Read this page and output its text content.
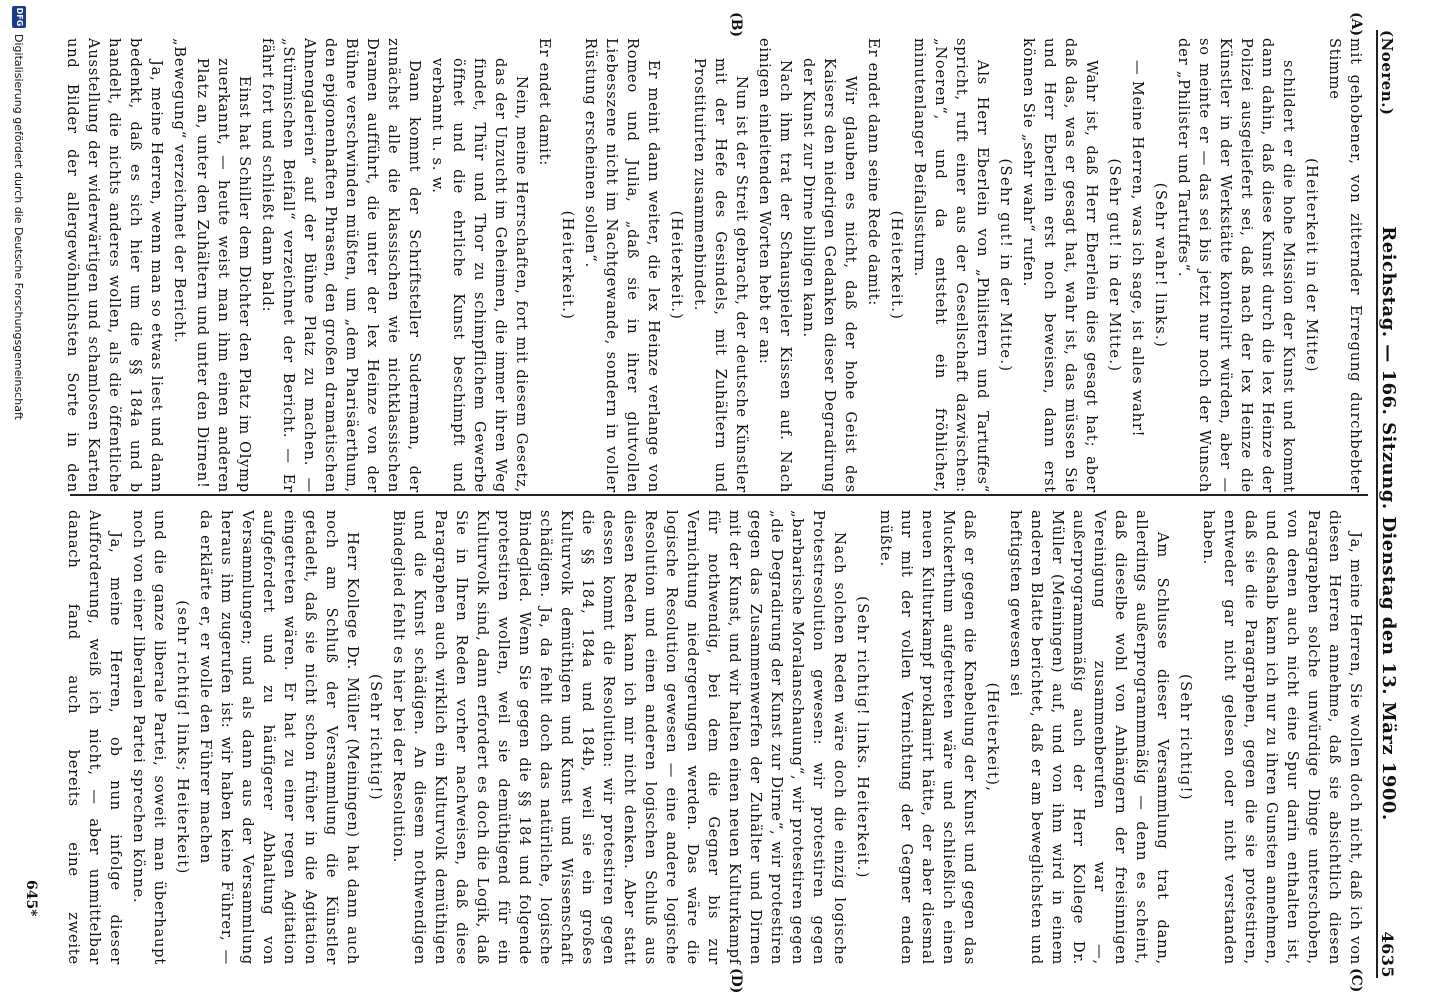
(Noeren.)
Reichstag. — 166. Sitzung. Dienstag den 13. März 1900.
4635
(A)
(B)
(C)
(D)

mit gehobener, von zitternder Erregung durchbebter Stimme

(Heiterkeit in der Mitte)

schildert er die hohe Mission der Kunst und kommt dann dahin, daß diese Kunst durch die lex Heinze der Polizei ausgeliefert sei, daß nach der lex Heinze die Künstler in der Werkstätte kontrolirt würden, aber — so meinte er — das sei bis jetzt nur noch der Wunsch der „Philister und Tartuffes“.

(Sehr wahr! links.)

— Meine Herren, was ich sage, ist alles wahr!

(Sehr gut! in der Mitte.)

Wahr ist, daß Herr Eberlein dies gesagt hat; aber daß das, was er gesagt hat, wahr ist, das müssen Sie und Herr Eberlein erst noch beweisen, dann erst können Sie „sehr wahr“ rufen.

(Sehr gut! in der Mitte.)

Als Herr Eberlein von „Philistern und Tartuffes“ spricht, ruft einer aus der Gesellschaft dazwischen: „Noeren“, und da entsteht ein fröhlicher, minutenlanger Beifallssturm.

(Heiterkeit.)

Er endet dann seine Rede damit:

Wir glauben es nicht, daß der hohe Geist des Kaisers den niedrigen Gedanken dieser Degradirung der Kunst zur Dirne billigen kann.

Nach ihm trat der Schauspieler Kissen auf. Nach einigen einleitenden Worten hebt er an:

Nun ist der Streit gebracht, der deutsche Künstler mit der Hefe des Gesindels, mit Zuhältern und Prostituirten zusammenbindet.

(Heiterkeit.)

Er meint dann weiter, die lex Heinze verlange von Romeo und Julia, „daß sie in ihrer glutvollen Liebesszene nicht im Nachtgewande, sondern in voller Rüstung erscheinen sollen“.

(Heiterkeit.)

Er endet damit:

Nein, meine Herrschaften, fort mit diesem Gesetz, das der Unzucht im Geheimen, die immer ihren Weg findet, Thür und Thor zu schimpflichem Gewerbe öffnet und die ehrliche Kunst beschimpft und verbannt u. s. w.

Dann kommt der Schriftsteller Sudermann, der zunächst alle die klassischen wie nichtklassischen Dramen aufführt, die unter der lex Heinze von der Bühne verschwinden müßten, um „dem Pharisäerthum, den epigonenhaften Phrasen, den großen dramatischen Ahnengalerien“ auf der Bühne Platz zu machen. — „Stürmischen Beifall“ verzeichnet der Bericht. — Er fährt fort und schließt dann bald:

Einst hat Schiller dem Dichter den Platz im Olymp zuerkannt, — heute weist man ihm einen anderen Platz an, unter den Zuhältern und unter den Dirnen!

„Bewegung“ verzeichnet der Bericht.

Ja, meine Herren, wenn man so etwas liest und dann bedenkt, daß es sich hier um die §§ 184a und b handelt, die nichts anderes wollen, als die öffentliche Ausstellung der widerwärtigen und schamlosen Karten und Bilder der allergewöhnlichsten Sorte in den

Ja, meine Herren, Sie wollen doch nicht, daß ich von diesen Herren annehme, daß sie absichtlich diesen Paragraphen solche unwürdige Dinge unterschoben, von denen auch nicht eine Spur darin enthalten ist, und deshalb kann ich nur zu ihren Gunsten annehmen, daß sie die Paragraphen, gegen die sie protestiren, entweder gar nicht gelesen oder nicht verstanden haben.

(Sehr richtig!)

Am Schlusse dieser Versammlung trat dann, allerdings außerprogrammmäßig — denn es scheint, daß dieselbe wohl von Anhängern der freisinnigen Vereinigung zusammenberufen war —, außerprogrammmäßig auch der Herr Kollege Dr. Müller (Meiningen) auf, und von ihm wird in einem anderen Blatte berichtet, daß er am beweglichsten und heftigsten gewesen sei

(Heiterkeit),

daß er gegen die Knebelung der Kunst und gegen das Muckerthum aufgetreten wäre und schließlich einen neuen Kulturkampf proklamirt hätte, der aber diesmal nur mit der vollen Vernichtung der Gegner enden müßte.

(Sehr richtig! links. Heiterkeit.)

Nach solchen Reden wäre doch die einzig logische Protestresolution gewesen: wir protestiren gegen „barbarische Moralanschauung“, wir protestiren gegen „die Degradirung der Kunst zur Dirne“, wir protestiren gegen das Zusammenwerfen der Zuhälter und Dirnen mit der Kunst, und wir halten einen neuen Kulturkampf für nothwendig, bei dem die Gegner bis zur Vernichtung niedergerungen werden. Das wäre die logische Resolution gewesen — eine andere logische Resolution und einen anderen logischen Schluß aus diesen Reden kann ich mir nicht denken. Aber statt dessen kommt die Resolution: wir protestiren gegen die §§ 184, 184a und 184b, weil sie ein großes Kulturvolk demüthigen und Kunst und Wissenschaft schädigen. Ja, da fehlt doch das natürliche, logische Bindeglied. Wenn Sie gegen die §§ 184 und folgende protestiren wollen, weil sie demüthigend für ein Kulturvolk sind, dann erfordert es doch die Logik, daß Sie in Ihren Reden vorher nachweisen, daß diese Paragraphen auch wirklich ein Kulturvolk demüthigen und die Kunst schädigen. An diesem nothwendigen Bindeglied fehlt es hier bei der Resolution.

(Sehr richtig!)

Herr Kollege Dr. Müller (Meiningen) hat dann auch noch am Schluß der Versammlung die Künstler getadelt, daß sie nicht schon früher in die Agitation eingetreten wären. Er hat zu einer regen Agitation aufgefordert und zu häufigerer Abhaltung von Versammlungen; und als dann aus der Versammlung heraus ihm zugerufen ist: wir haben keine Führer, — da erklärte er, er wolle den Führer machen

(sehr richtig! links; Heiterkeit)

und die ganze liberale Partei, soweit man überhaupt noch von einer liberalen Partei sprechen könne.

Ja, meine Herren, ob nun infolge dieser Aufforderung, weiß ich nicht, — aber unmittelbar danach fand auch bereits eine zweite

645*
DFG
Digitalisierung gefördert durch die Deutsche Forschungsgemeinschaft
